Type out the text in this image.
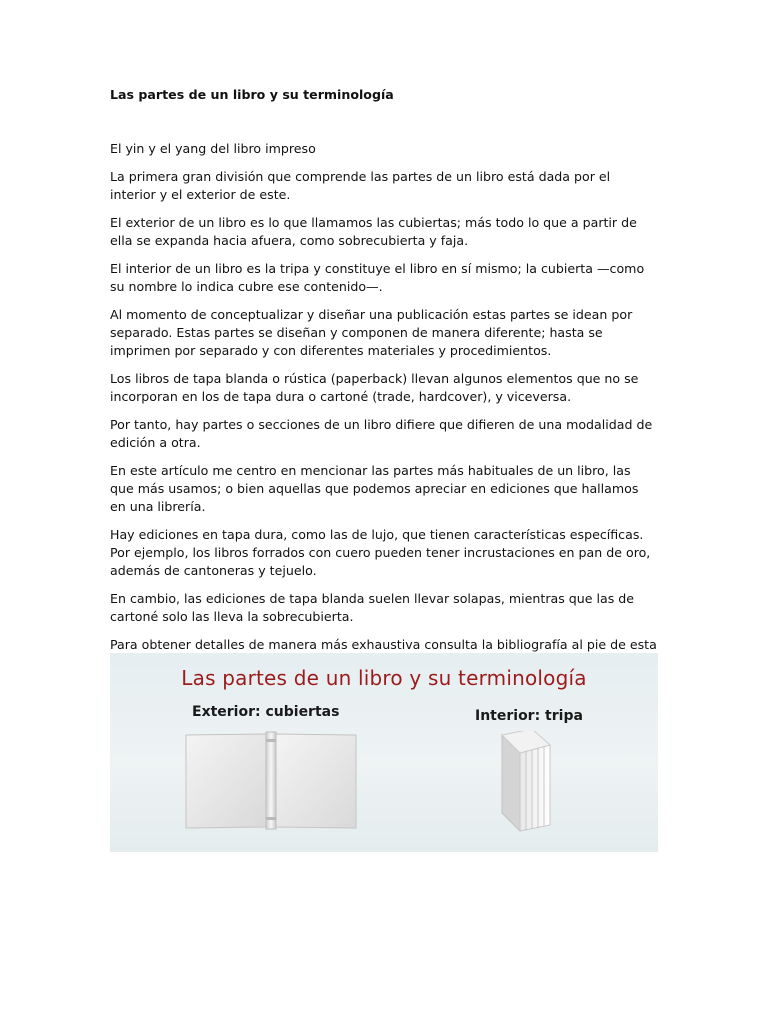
Las partes de un libro y su terminología

El yin y el yang del libro impreso

La primera gran división que comprende las partes de un libro está dada por el interior y el exterior de este.

El exterior de un libro es lo que llamamos las cubiertas; más todo lo que a partir de ella se expanda hacia afuera, como sobrecubierta y faja.

El interior de un libro es la tripa y constituye el libro en sí mismo; la cubierta —como su nombre lo indica cubre ese contenido—.

Al momento de conceptualizar y diseñar una publicación estas partes se idean por separado. Estas partes se diseñan y componen de manera diferente; hasta se imprimen por separado y con diferentes materiales y procedimientos.

Los libros de tapa blanda o rústica (paperback) llevan algunos elementos que no se incorporan en los de tapa dura o cartoné (trade, hardcover), y viceversa.

Por tanto, hay partes o secciones de un libro difiere que difieren de una modalidad de edición a otra.

En este artículo me centro en mencionar las partes más habituales de un libro, las que más usamos; o bien aquellas que podemos apreciar en ediciones que hallamos en una librería.

Hay ediciones en tapa dura, como las de lujo, que tienen características específicas. Por ejemplo, los libros forrados con cuero pueden tener incrustaciones en pan de oro, además de cantoneras y tejuelo.

En cambio, las ediciones de tapa blanda suelen llevar solapas, mientras que las de cartoné solo las lleva la sobrecubierta.

Para obtener detalles de manera más exhaustiva consulta la bibliografía al pie de esta

Las partes de un libro y su terminología
Exterior: cubiertas	Interior: tripa
